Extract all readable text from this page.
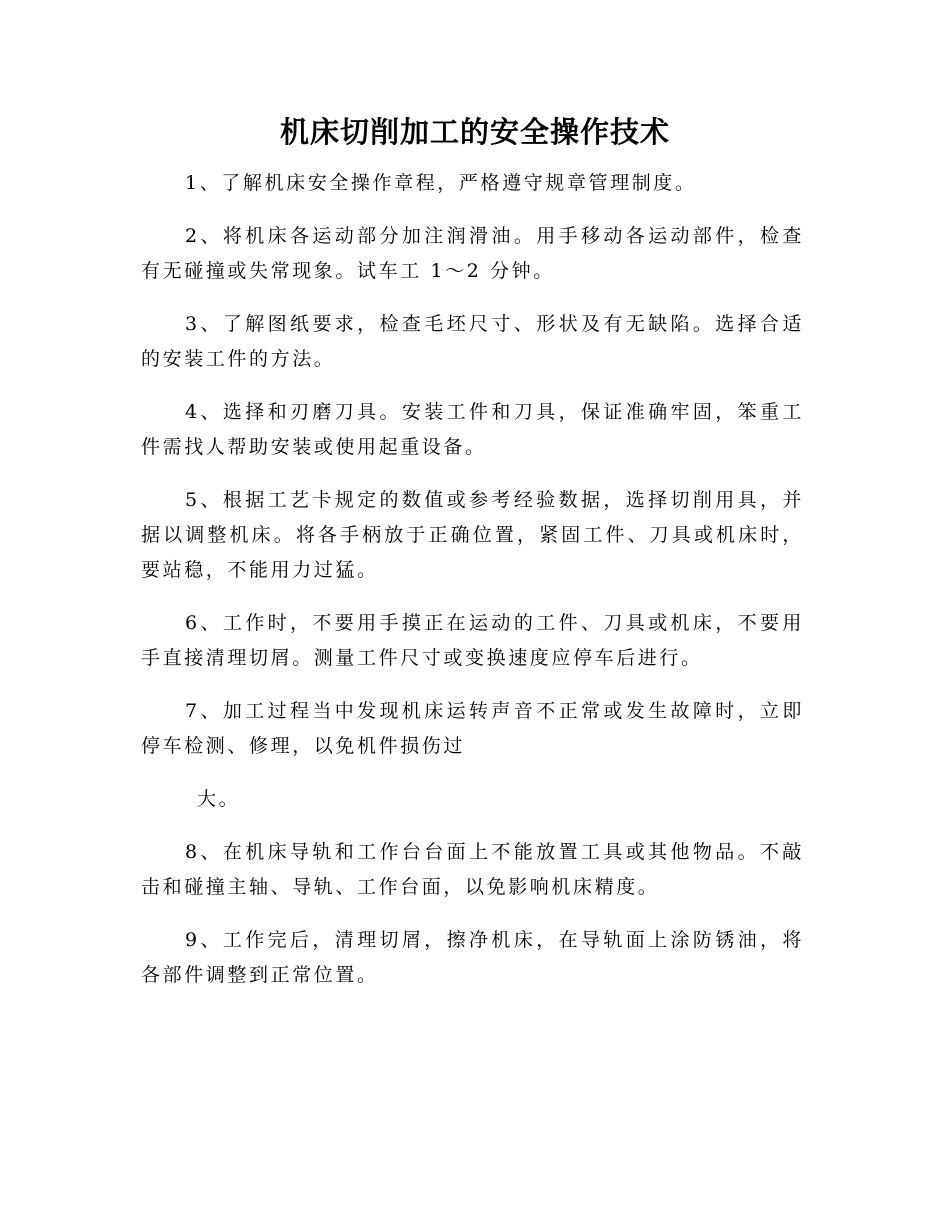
机床切削加工的安全操作技术

1、了解机床安全操作章程，严格遵守规章管理制度。

2、将机床各运动部分加注润滑油。用手移动各运动部件，检查有无碰撞或失常现象。试车工 1～2 分钟。

3、了解图纸要求，检查毛坯尺寸、形状及有无缺陷。选择合适的安装工件的方法。

4、选择和刃磨刀具。安装工件和刀具，保证准确牢固，笨重工件需找人帮助安装或使用起重设备。

5、根据工艺卡规定的数值或参考经验数据，选择切削用具，并据以调整机床。将各手柄放于正确位置，紧固工件、刀具或机床时，要站稳，不能用力过猛。

6、工作时，不要用手摸正在运动的工件、刀具或机床，不要用手直接清理切屑。测量工件尺寸或变换速度应停车后进行。

7、加工过程当中发现机床运转声音不正常或发生故障时，立即停车检测、修理，以免机件损伤过

大。

8、在机床导轨和工作台台面上不能放置工具或其他物品。不敲击和碰撞主轴、导轨、工作台面，以免影响机床精度。

9、工作完后，清理切屑，擦净机床，在导轨面上涂防锈油，将各部件调整到正常位置。
